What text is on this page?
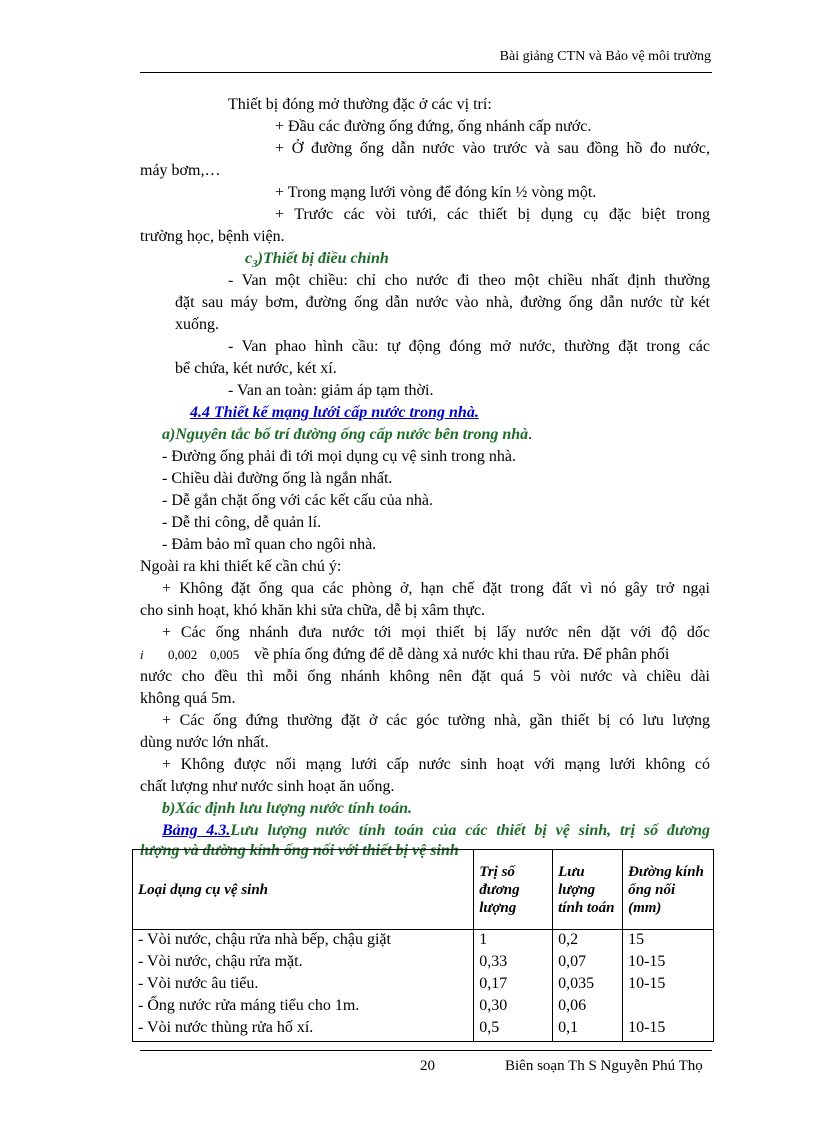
Bài giảng CTN và Bảo vệ môi trường
Thiết bị đóng mở thường đặc ở các vị trí:
+ Đầu các đường ống đứng, ống nhánh cấp nước.
+ Ở đường ống dẫn nước vào trước và sau đồng hồ đo nước,
máy bơm,…
+ Trong mạng lưới vòng để đóng kín ½ vòng một.
+ Trước các vòi tưới, các thiết bị dụng cụ đặc biệt trong
trường học, bệnh viện.
$c_3)Thiết$ bị điều chỉnh
- Van một chiều: chỉ cho nước đi theo một chiều nhất định thường
đặt sau máy bơm, đường ống dẫn nước vào nhà, đường ống dẫn nước từ két
xuống.
- Van phao hình cầu: tự động đóng mở nước, thường đặt trong các
bể chứa, két nước, két xí.
- Van an toàn: giảm áp tạm thời.
4.4 Thiết kế mạng lưới cấp nước trong nhà.
a)Nguyên tắc bố trí đường ống cấp nước bên trong nhà.
- Đường ống phải đi tới mọi dụng cụ vệ sinh trong nhà.
- Chiều dài đường ống là ngắn nhất.
- Dễ gắn chặt ống với các kết cấu của nhà.
- Dễ thi công, dễ quản lí.
- Đảm bảo mĩ quan cho ngôi nhà.
Ngoài ra khi thiết kế cần chú ý:
+ Không đặt ống qua các phòng ở, hạn chế đặt trong đất vì nó gây trở ngại
cho sinh hoạt, khó khăn khi sửa chữa, dễ bị xâm thực.
+ Các ống nhánh đưa nước tới mọi thiết bị lấy nước nên dặt với độ dốc
i 0,002 0,005 về phía ống đứng để dễ dàng xả nước khi thau rửa. Để phân phối
nước cho đều thì mỗi ống nhánh không nên đặt quá 5 vòi nước và chiều dài
không quá 5m.
+ Các ống đứng thường đặt ở các góc tường nhà, gần thiết bị có lưu lượng
dùng nước lớn nhất.
+ Không được nối mạng lưới cấp nước sinh hoạt với mạng lưới không có
chất lượng như nước sinh hoạt ăn uống.
b)Xác định lưu lượng nước tính toán.
Bảng 4.3.Lưu lượng nước tính toán của các thiết bị vệ sinh, trị số đương
lượng và đường kính ống nối với thiết bị vệ sinh
Loại dụng cụ vệ sinh	Trị số đương lượng	Lưu lượng tính toán	Đường kính ống nối (mm)
- Vòi nước, chậu rửa nhà bếp, chậu giặt	1	0,2	15
- Vòi nước, chậu rửa mặt.	0,33	0,07	10-15
- Vòi nước âu tiểu.	0,17	0,035	10-15
- Ống nước rửa máng tiểu cho 1m.	0,30	0,06	
- Vòi nước thùng rửa hố xí.	0,5	0,1	10-15
20	Biên soạn Th S Nguyễn Phú Thọ
